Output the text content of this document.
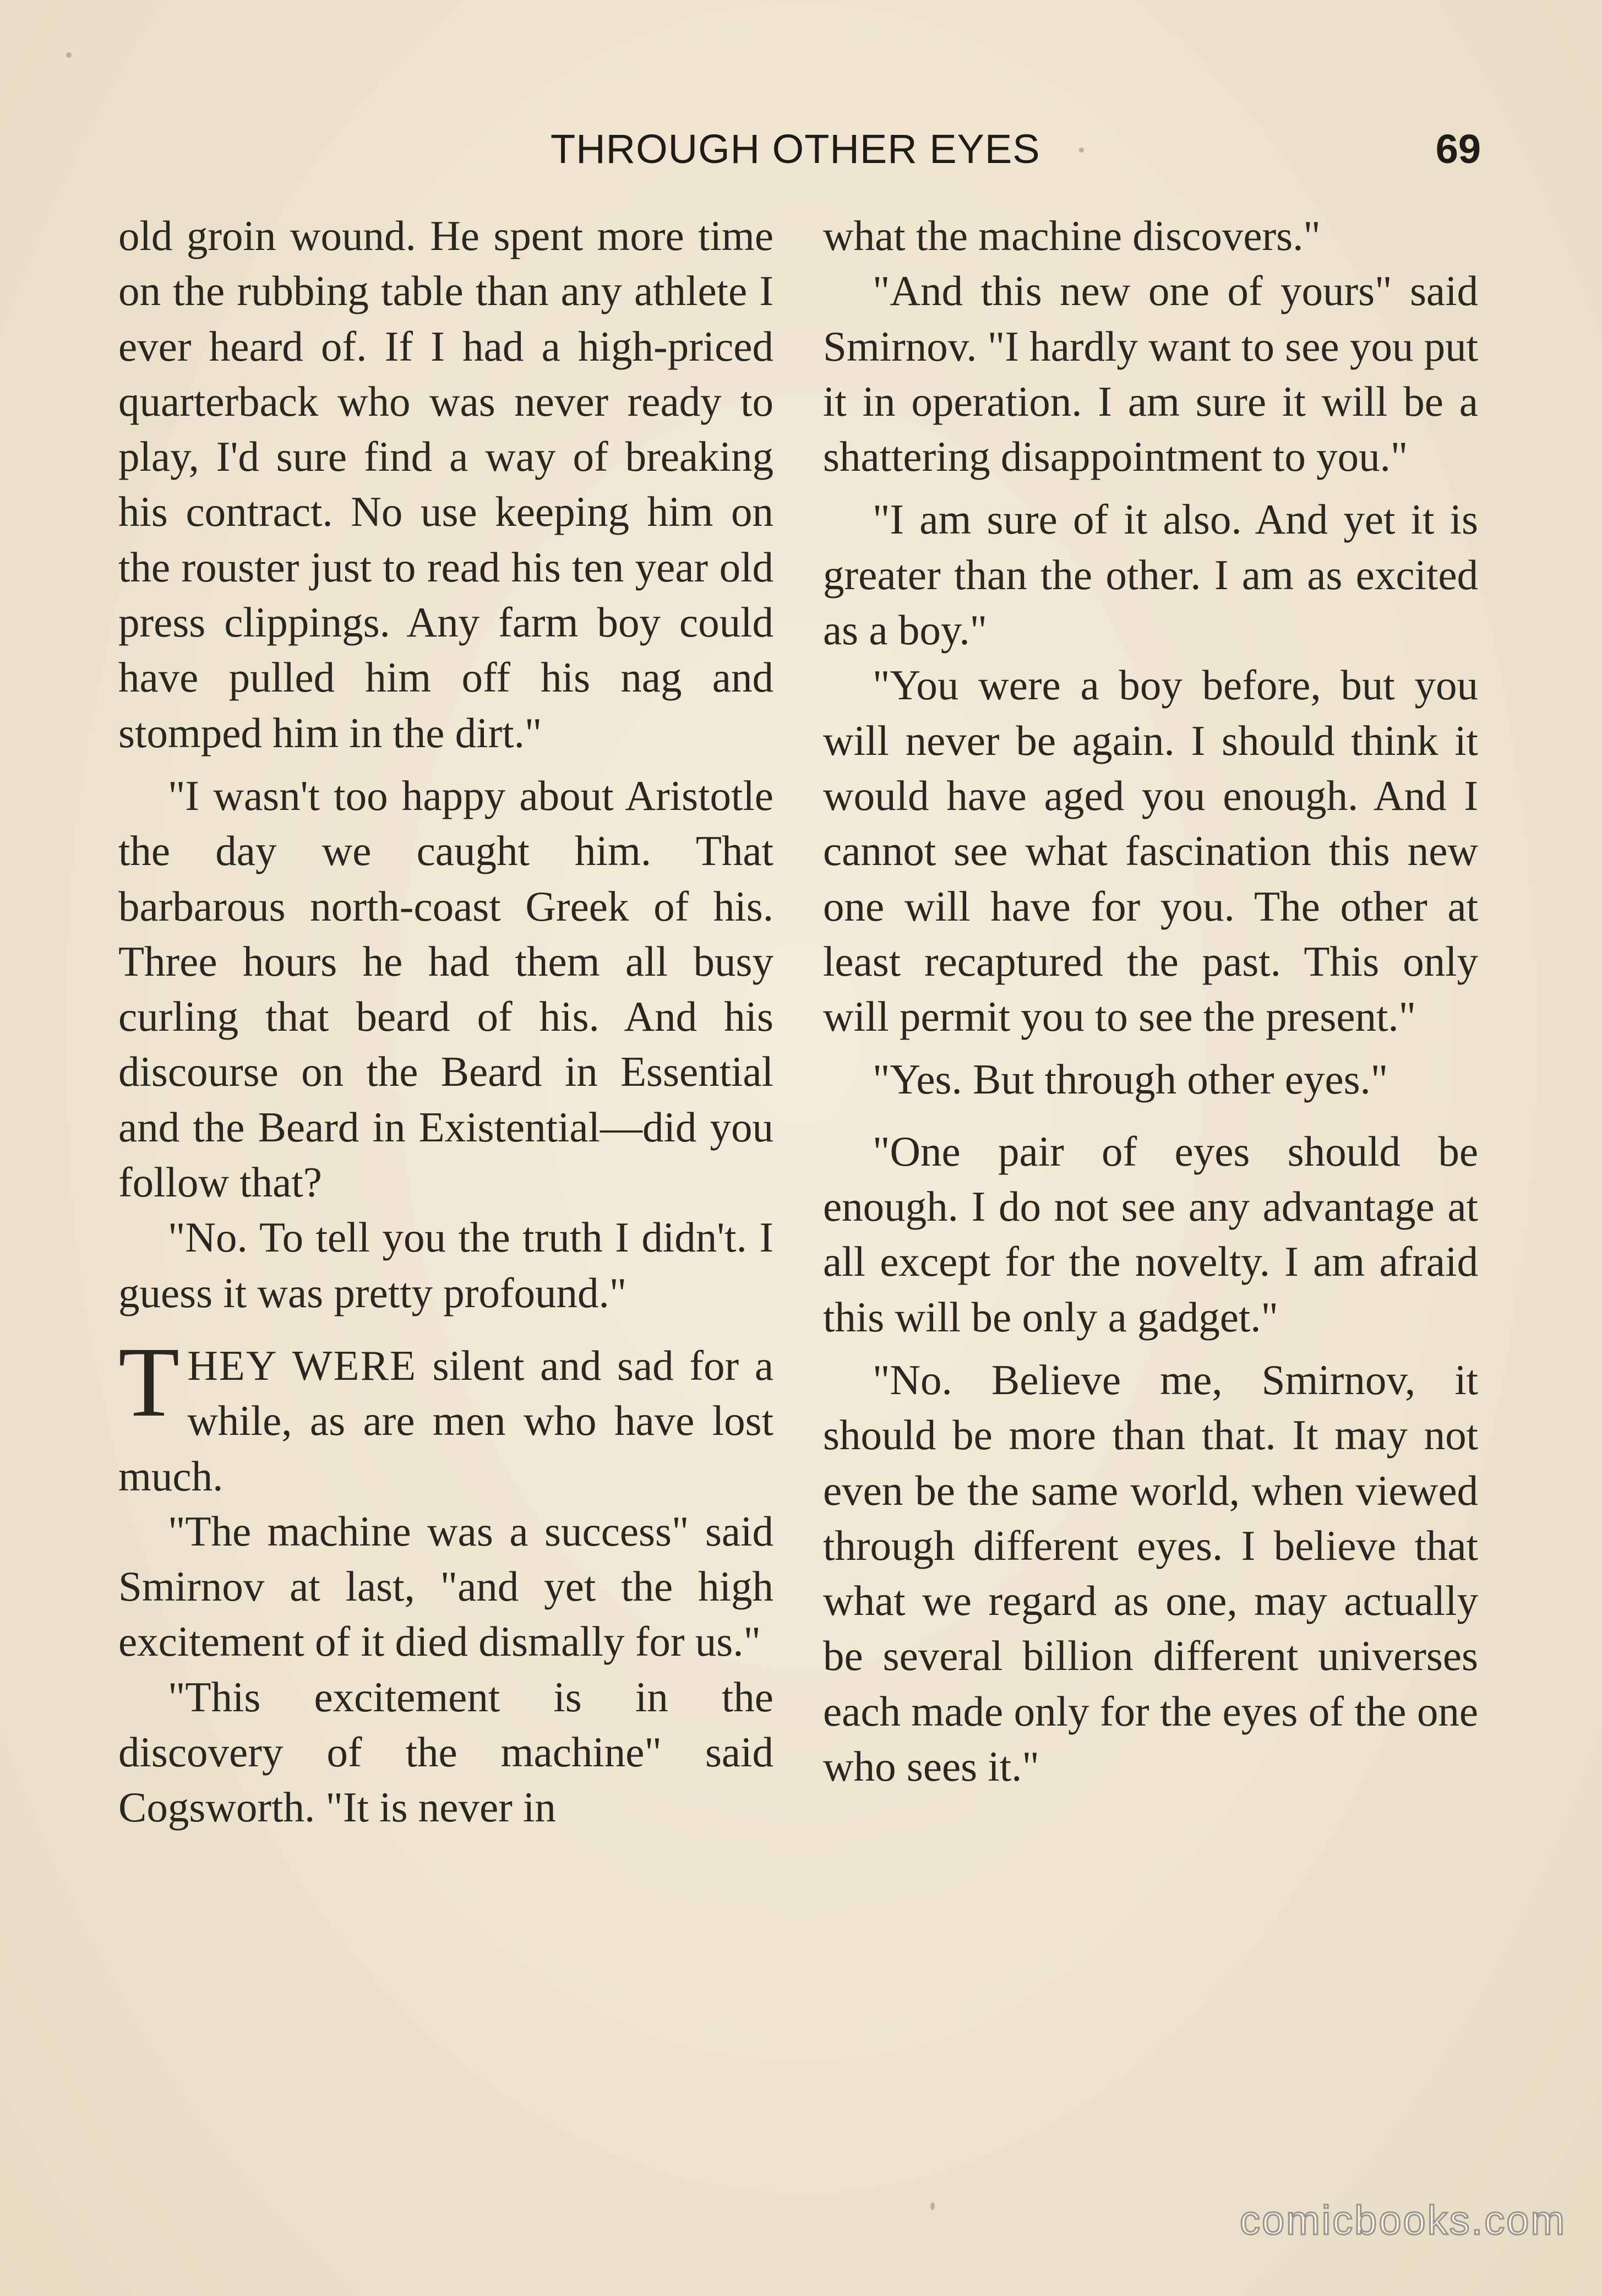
THROUGH OTHER EYES	69

old groin wound. He spent more time on the rubbing table than any athlete I ever heard of. If I had a high-priced quarterback who was never ready to play, I'd sure find a way of breaking his contract. No use keeping him on the rouster just to read his ten year old press clippings. Any farm boy could have pulled him off his nag and stomped him in the dirt."

"I wasn't too happy about Aristotle the day we caught him. That barbarous north-coast Greek of his. Three hours he had them all busy curling that beard of his. And his discourse on the Beard in Essential and the Beard in Existential—did you follow that?

"No. To tell you the truth I didn't. I guess it was pretty profound."

THEY WERE silent and sad for a while, as are men who have lost much.

"The machine was a success" said Smirnov at last, "and yet the high excitement of it died dismally for us."

"This excitement is in the discovery of the machine" said Cogsworth. "It is never in

what the machine discovers."

"And this new one of yours" said Smirnov. "I hardly want to see you put it in operation. I am sure it will be a shattering disappointment to you."

"I am sure of it also. And yet it is greater than the other. I am as excited as a boy."

"You were a boy before, but you will never be again. I should think it would have aged you enough. And I cannot see what fascination this new one will have for you. The other at least recaptured the past. This only will permit you to see the present."

"Yes. But through other eyes."

"One pair of eyes should be enough. I do not see any advantage at all except for the novelty. I am afraid this will be only a gadget."

"No. Believe me, Smirnov, it should be more than that. It may not even be the same world, when viewed through different eyes. I believe that what we regard as one, may actually be several billion different universes each made only for the eyes of the one who sees it."

comicbooks.com
